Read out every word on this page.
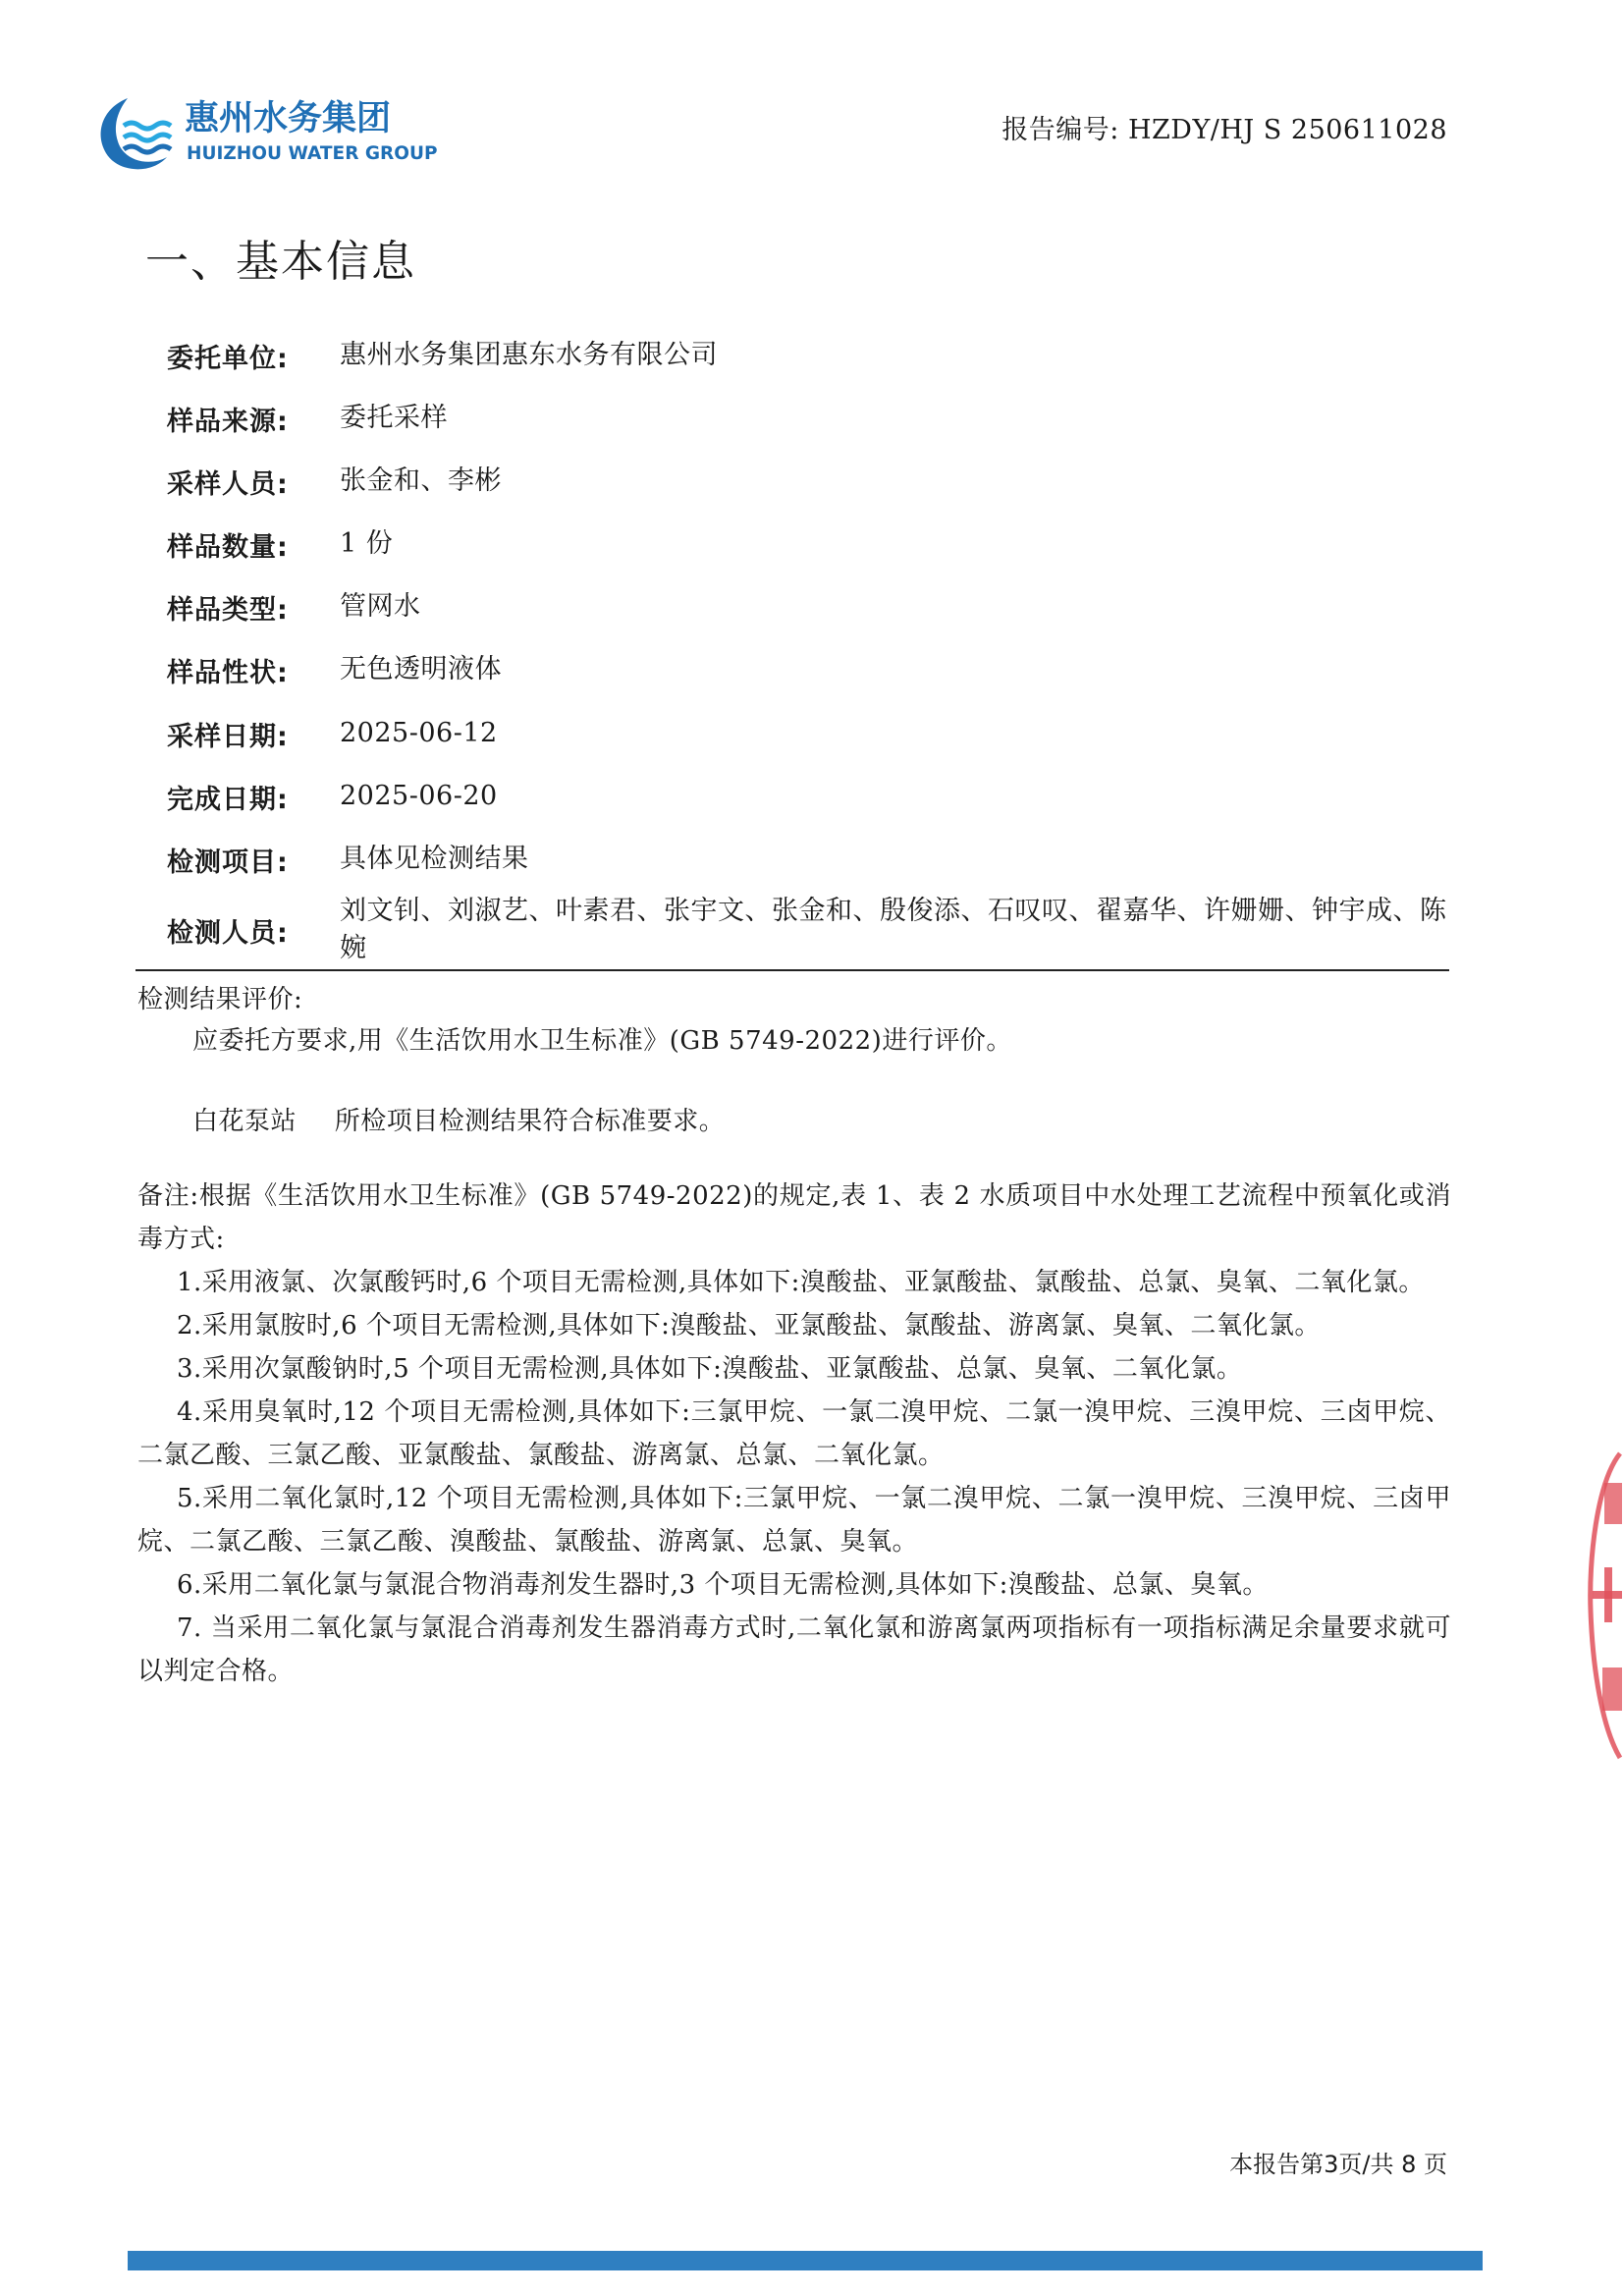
惠州水务集团
HUIZHOU WATER GROUP
报告编号: HZDY/HJ S 250611028
一、基本信息
委托单位:	惠州水务集团惠东水务有限公司
样品来源:	委托采样
采样人员:	张金和、李彬
样品数量:	1 份
样品类型:	管网水
样品性状:	无色透明液体
采样日期:	2025-06-12
完成日期:	2025-06-20
检测项目:	具体见检测结果
检测人员:
刘文钊、刘淑艺、叶素君、张宇文、张金和、殷俊添、石叹叹、翟嘉华、许姗姗、钟宇成、陈婉
检测结果评价:
应委托方要求,用《生活饮用水卫生标准》(GB 5749-2022)进行评价。
白花泵站 所检项目检测结果符合标准要求。

备注:根据《生活饮用水卫生标准》(GB 5749-2022)的规定,表 1、表 2 水质项目中水处理工艺流程中预氧化或消毒方式:

1.采用液氯、次氯酸钙时,6 个项目无需检测,具体如下:溴酸盐、亚氯酸盐、氯酸盐、总氯、臭氧、二氧化氯。

2.采用氯胺时,6 个项目无需检测,具体如下:溴酸盐、亚氯酸盐、氯酸盐、游离氯、臭氧、二氧化氯。

3.采用次氯酸钠时,5 个项目无需检测,具体如下:溴酸盐、亚氯酸盐、总氯、臭氧、二氧化氯。

4.采用臭氧时,12 个项目无需检测,具体如下:三氯甲烷、一氯二溴甲烷、二氯一溴甲烷、三溴甲烷、三卤甲烷、二氯乙酸、三氯乙酸、亚氯酸盐、氯酸盐、游离氯、总氯、二氧化氯。

5.采用二氧化氯时,12 个项目无需检测,具体如下:三氯甲烷、一氯二溴甲烷、二氯一溴甲烷、三溴甲烷、三卤甲烷、二氯乙酸、三氯乙酸、溴酸盐、氯酸盐、游离氯、总氯、臭氧。

6.采用二氧化氯与氯混合物消毒剂发生器时,3 个项目无需检测,具体如下:溴酸盐、总氯、臭氧。

7. 当采用二氧化氯与氯混合消毒剂发生器消毒方式时,二氧化氯和游离氯两项指标有一项指标满足余量要求就可以判定合格。

本报告第3页/共 8 页
